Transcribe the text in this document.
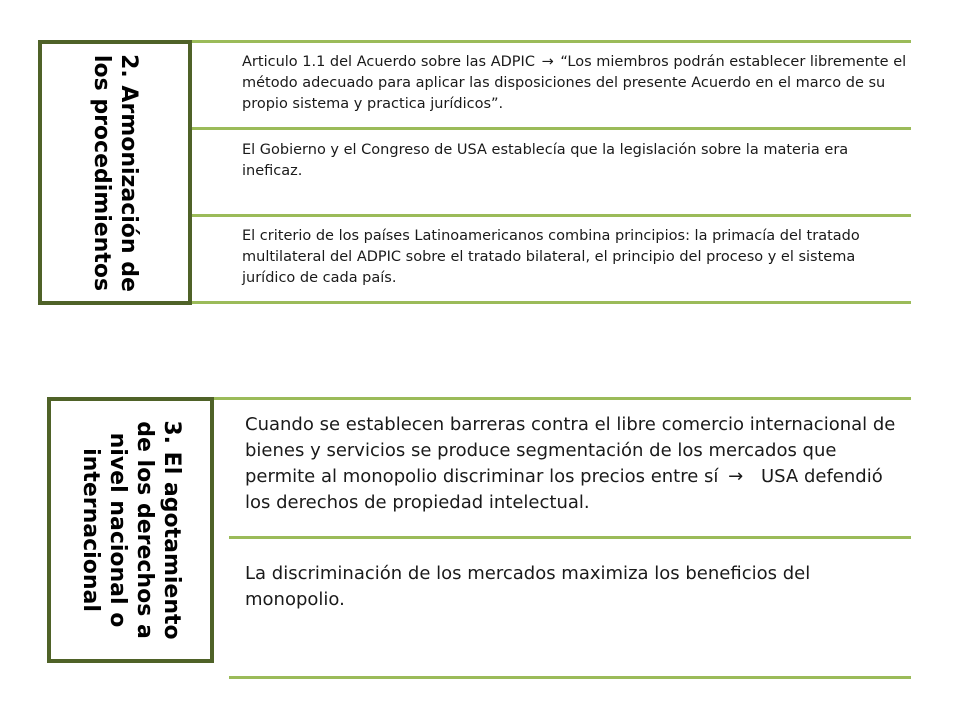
2. Armonización de los procedimientos	Articulo 1.1 del Acuerdo sobre las ADPIC → “Los miembros podrán establecer libremente el método adecuado para aplicar las disposiciones del presente Acuerdo en el marco de su propio sistema y practica jurídicos”.
El Gobierno y el Congreso de USA establecía que la legislación sobre la materia era ineficaz.
El criterio de los países Latinoamericanos combina principios: la primacía del tratado multilateral del ADPIC sobre el tratado bilateral, el principio del proceso y el sistema jurídico de cada país.
3. El agotamiento de los derechos a nivel nacional o internacional
Cuando se establecen barreras contra el libre comercio internacional de bienes y servicios se produce segmentación de los mercados que permite al monopolio discriminar los precios entre sí → USA defendió los derechos de propiedad intelectual.
La discriminación de los mercados maximiza los beneficios del monopolio.
